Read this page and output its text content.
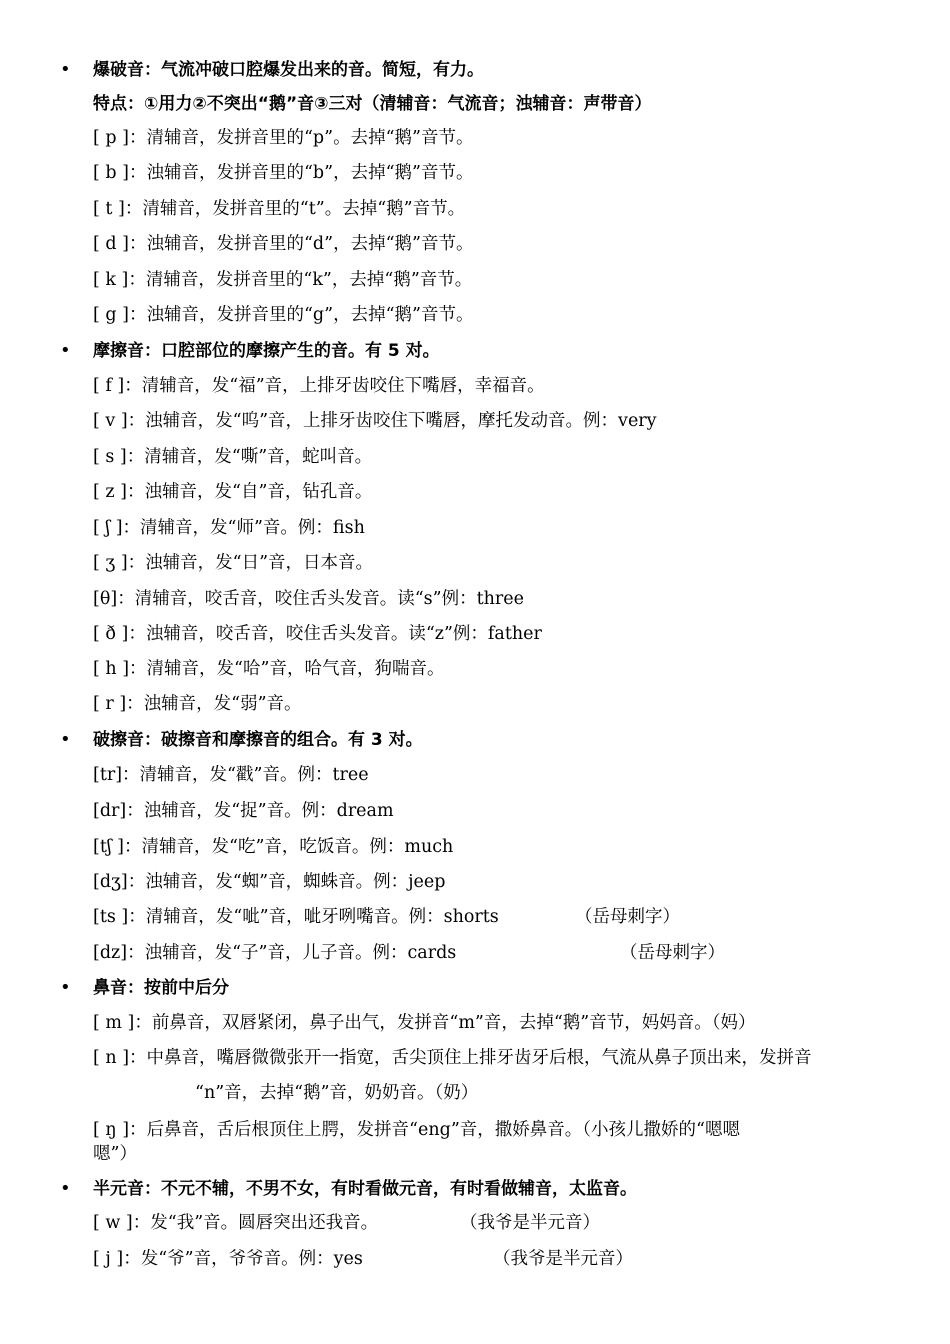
• 爆破音：气流冲破口腔爆发出来的音。简短，有力。
特点：①用力②不突出“鹅”音③三对（清辅音：气流音；浊辅音：声带音）
[ p ]：清辅音，发拼音里的“p”。去掉“鹅”音节。
[ b ]：浊辅音，发拼音里的“b”，去掉“鹅”音节。
[ t ]：清辅音，发拼音里的“t”。去掉“鹅”音节。
[ d ]：浊辅音，发拼音里的“d”，去掉“鹅”音节。
[ k ]：清辅音，发拼音里的“k”，去掉“鹅”音节。
[ g ]：浊辅音，发拼音里的“g”，去掉“鹅”音节。
• 摩擦音：口腔部位的摩擦产生的音。有 5 对。
[ f ]：清辅音，发“福”音，上排牙齿咬住下嘴唇，幸福音。
[ v ]：浊辅音，发“呜”音，上排牙齿咬住下嘴唇，摩托发动音。例：very
[ s ]：清辅音，发“嘶”音，蛇叫音。
[ z ]：浊辅音，发“自”音，钻孔音。
[ ʃ ]：清辅音，发“师”音。例：fish
[ ʒ ]：浊辅音，发“日”音，日本音。
[θ]：清辅音，咬舌音，咬住舌头发音。读“s”例：three
[ ð ]：浊辅音，咬舌音，咬住舌头发音。读“z”例：father
[ h ]：清辅音，发“哈”音，哈气音，狗喘音。
[ r ]：浊辅音，发“弱”音。
• 破擦音：破擦音和摩擦音的组合。有 3 对。
[tr]：清辅音，发“戳”音。例：tree
[dr]：浊辅音，发“捉”音。例：dream
[tʃ ]：清辅音，发“吃”音，吃饭音。例：much
[dʒ]：浊辅音，发“蜘”音，蜘蛛音。例：jeep
[ts ]：清辅音，发“呲”音，呲牙咧嘴音。例：shorts	（岳母刺字）
[dz]：浊辅音，发“子”音，儿子音。例：cards	（岳母刺字）
• 鼻音：按前中后分
[ m ]：前鼻音，双唇紧闭，鼻子出气，发拼音“m”音，去掉“鹅”音节，妈妈音。（妈）
[ n ]：中鼻音，嘴唇微微张开一指宽，舌尖顶住上排牙齿牙后根，气流从鼻子顶出来，发拼音
“n”音，去掉“鹅”音，奶奶音。（奶）
[ ŋ ]：后鼻音，舌后根顶住上腭，发拼音“eng”音，撒娇鼻音。（小孩儿撒娇的“嗯嗯
嗯”）
• 半元音：不元不辅，不男不女，有时看做元音，有时看做辅音，太监音。
[ w ]：发“我”音。圆唇突出还我音。	（我爷是半元音）
[ j ]：发“爷”音，爷爷音。例：yes	（我爷是半元音）
